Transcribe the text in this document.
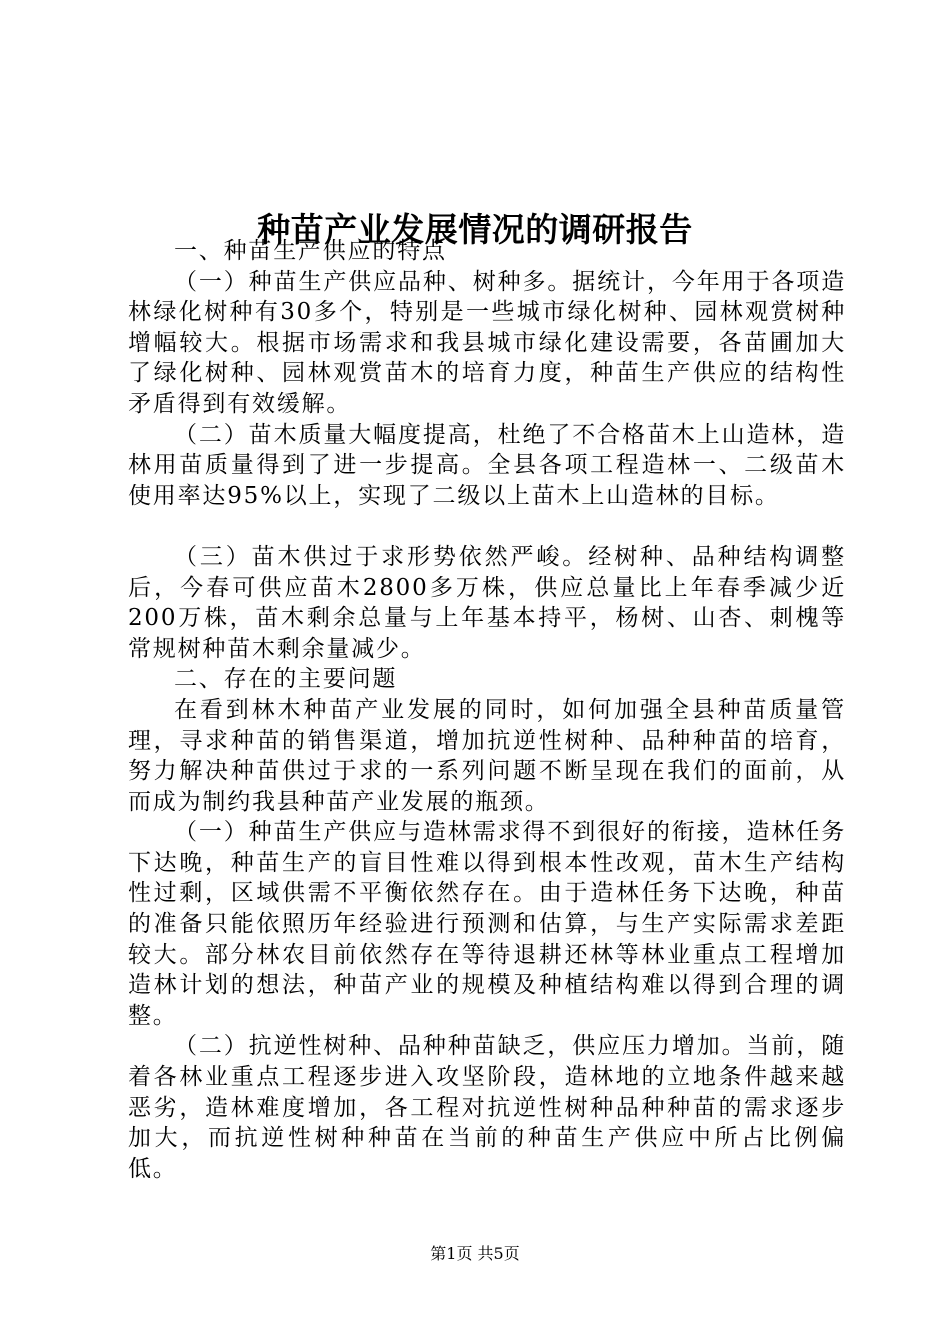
种苗产业发展情况的调研报告

一、种苗生产供应的特点

（一）种苗生产供应品种、树种多。据统计，今年用于各项造林绿化树种有30多个，特别是一些城市绿化树种、园林观赏树种增幅较大。根据市场需求和我县城市绿化建设需要，各苗圃加大了绿化树种、园林观赏苗木的培育力度，种苗生产供应的结构性矛盾得到有效缓解。

（二）苗木质量大幅度提高，杜绝了不合格苗木上山造林，造林用苗质量得到了进一步提高。全县各项工程造林一、二级苗木使用率达95%以上，实现了二级以上苗木上山造林的目标。

（三）苗木供过于求形势依然严峻。经树种、品种结构调整后，今春可供应苗木2800多万株，供应总量比上年春季减少近200万株，苗木剩余总量与上年基本持平，杨树、山杏、刺槐等常规树种苗木剩余量减少。

二、存在的主要问题

在看到林木种苗产业发展的同时，如何加强全县种苗质量管理，寻求种苗的销售渠道，增加抗逆性树种、品种种苗的培育，努力解决种苗供过于求的一系列问题不断呈现在我们的面前，从而成为制约我县种苗产业发展的瓶颈。

（一）种苗生产供应与造林需求得不到很好的衔接，造林任务下达晚，种苗生产的盲目性难以得到根本性改观，苗木生产结构性过剩，区域供需不平衡依然存在。由于造林任务下达晚，种苗的准备只能依照历年经验进行预测和估算，与生产实际需求差距较大。部分林农目前依然存在等待退耕还林等林业重点工程增加造林计划的想法，种苗产业的规模及种植结构难以得到合理的调整。

（二）抗逆性树种、品种种苗缺乏，供应压力增加。当前，随着各林业重点工程逐步进入攻坚阶段，造林地的立地条件越来越恶劣，造林难度增加，各工程对抗逆性树种品种种苗的需求逐步加大，而抗逆性树种种苗在当前的种苗生产供应中所占比例偏低。

第1页 共5页
